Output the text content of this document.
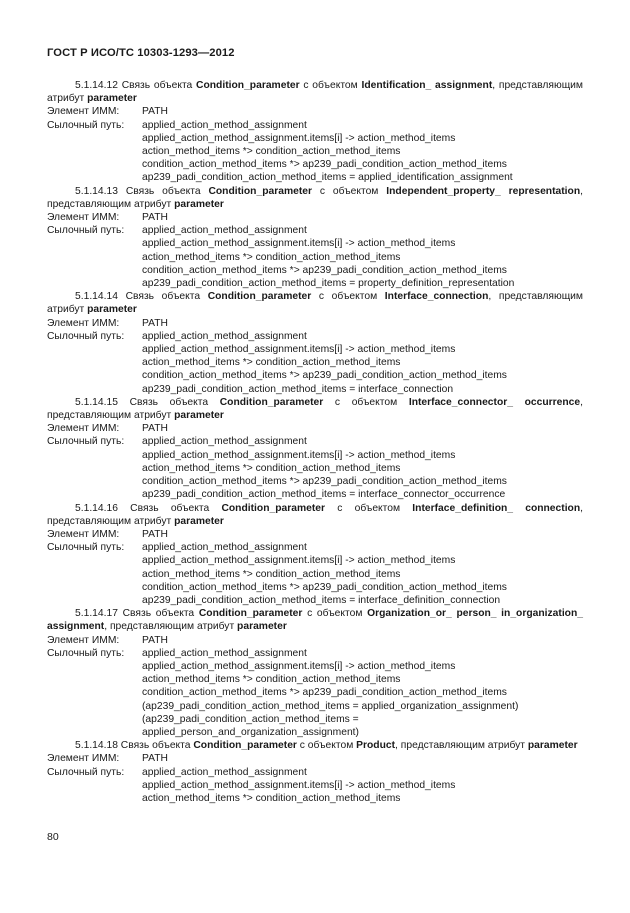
ГОСТ Р ИСО/ТС 10303-1293—2012

5.1.14.12 Связь объекта Condition_parameter с объектом Identification_ assignment, представляющим атрибут parameter

Элемент ИММ:	PATH
Сылочный путь:	applied_action_method_assignment
applied_action_method_assignment.items[i] -> action_method_items
action_method_items *> condition_action_method_items
condition_action_method_items *> ap239_padi_condition_action_method_items
ap239_padi_condition_action_method_items = applied_identification_assignment

5.1.14.13 Связь объекта Condition_parameter с объектом Independent_property_ representation, представляющим атрибут parameter

Элемент ИММ:	PATH
Сылочный путь:	applied_action_method_assignment
applied_action_method_assignment.items[i] -> action_method_items
action_method_items *> condition_action_method_items
condition_action_method_items *> ap239_padi_condition_action_method_items
ap239_padi_condition_action_method_items = property_definition_representation

5.1.14.14 Связь объекта Condition_parameter с объектом Interface_connection, представляющим атрибут parameter

Элемент ИММ:	PATH
Сылочный путь:	applied_action_method_assignment
applied_action_method_assignment.items[i] -> action_method_items
action_method_items *> condition_action_method_items
condition_action_method_items *> ap239_padi_condition_action_method_items
ap239_padi_condition_action_method_items = interface_connection

5.1.14.15 Связь объекта Condition_parameter с объектом Interface_connector_ occurrence, представляющим атрибут parameter

Элемент ИММ:	PATH
Сылочный путь:	applied_action_method_assignment
applied_action_method_assignment.items[i] -> action_method_items
action_method_items *> condition_action_method_items
condition_action_method_items *> ap239_padi_condition_action_method_items
ap239_padi_condition_action_method_items = interface_connector_occurrence

5.1.14.16 Связь объекта Condition_parameter с объектом Interface_definition_ connection, представляющим атрибут parameter

Элемент ИММ:	PATH
Сылочный путь:	applied_action_method_assignment
applied_action_method_assignment.items[i] -> action_method_items
action_method_items *> condition_action_method_items
condition_action_method_items *> ap239_padi_condition_action_method_items
ap239_padi_condition_action_method_items = interface_definition_connection

5.1.14.17 Связь объекта Condition_parameter с объектом Organization_or_ person_ in_organization_ assignment, представляющим атрибут parameter

Элемент ИММ:	PATH
Сылочный путь:	applied_action_method_assignment
applied_action_method_assignment.items[i] -> action_method_items
action_method_items *> condition_action_method_items
condition_action_method_items *> ap239_padi_condition_action_method_items
(ap239_padi_condition_action_method_items = applied_organization_assignment)
(ap239_padi_condition_action_method_items =
applied_person_and_organization_assignment)

5.1.14.18 Связь объекта Condition_parameter с объектом Product, представляющим атрибут parameter

Элемент ИММ:	PATH
Сылочный путь:	applied_action_method_assignment
applied_action_method_assignment.items[i] -> action_method_items
action_method_items *> condition_action_method_items
80
